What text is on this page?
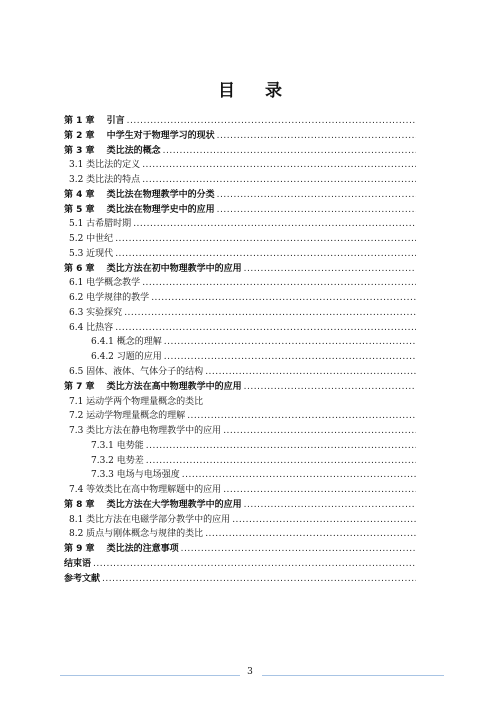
目 录
第 1 章　 引言
.....
第 2 章　 中学生对于物理学习的现状
.....
第 3 章　 类比法的概念
.....
3.1 类比法的定义
.....
3.2 类比法的特点
.....
第 4 章　 类比法在物理教学中的分类
.....
第 5 章　 类比法在物理学史中的应用
.....
5.1 古希腊时期
.....
5.2 中世纪
.....
5.3 近现代
.....
第 6 章　 类比方法在初中物理教学中的应用
.....
6.1 电学概念教学
.....
6.2 电学规律的教学
.....
6.3 实验探究
.....
6.4 比热容
.....
6.4.1 概念的理解
.....
6.4.2 习题的应用
.....
6.5 固体、液体、气体分子的结构
.....
第 7 章　 类比方法在高中物理教学中的应用
.....
7.1 运动学两个物理量概念的类比
7.2 运动学物理量概念的理解
.....
7.3 类比方法在静电物理教学中的应用
.....
7.3.1 电势能
.....
7.3.2 电势差
.....
7.3.3 电场与电场强度
.....
7.4 等效类比在高中物理解题中的应用
.....
第 8 章　 类比方法在大学物理教学中的应用
.....
8.1 类比方法在电磁学部分教学中的应用
.....
8.2 质点与刚体概念与规律的类比
.....
第 9 章　 类比法的注意事项
.....
结束语
.....
参考文献
.....
3
